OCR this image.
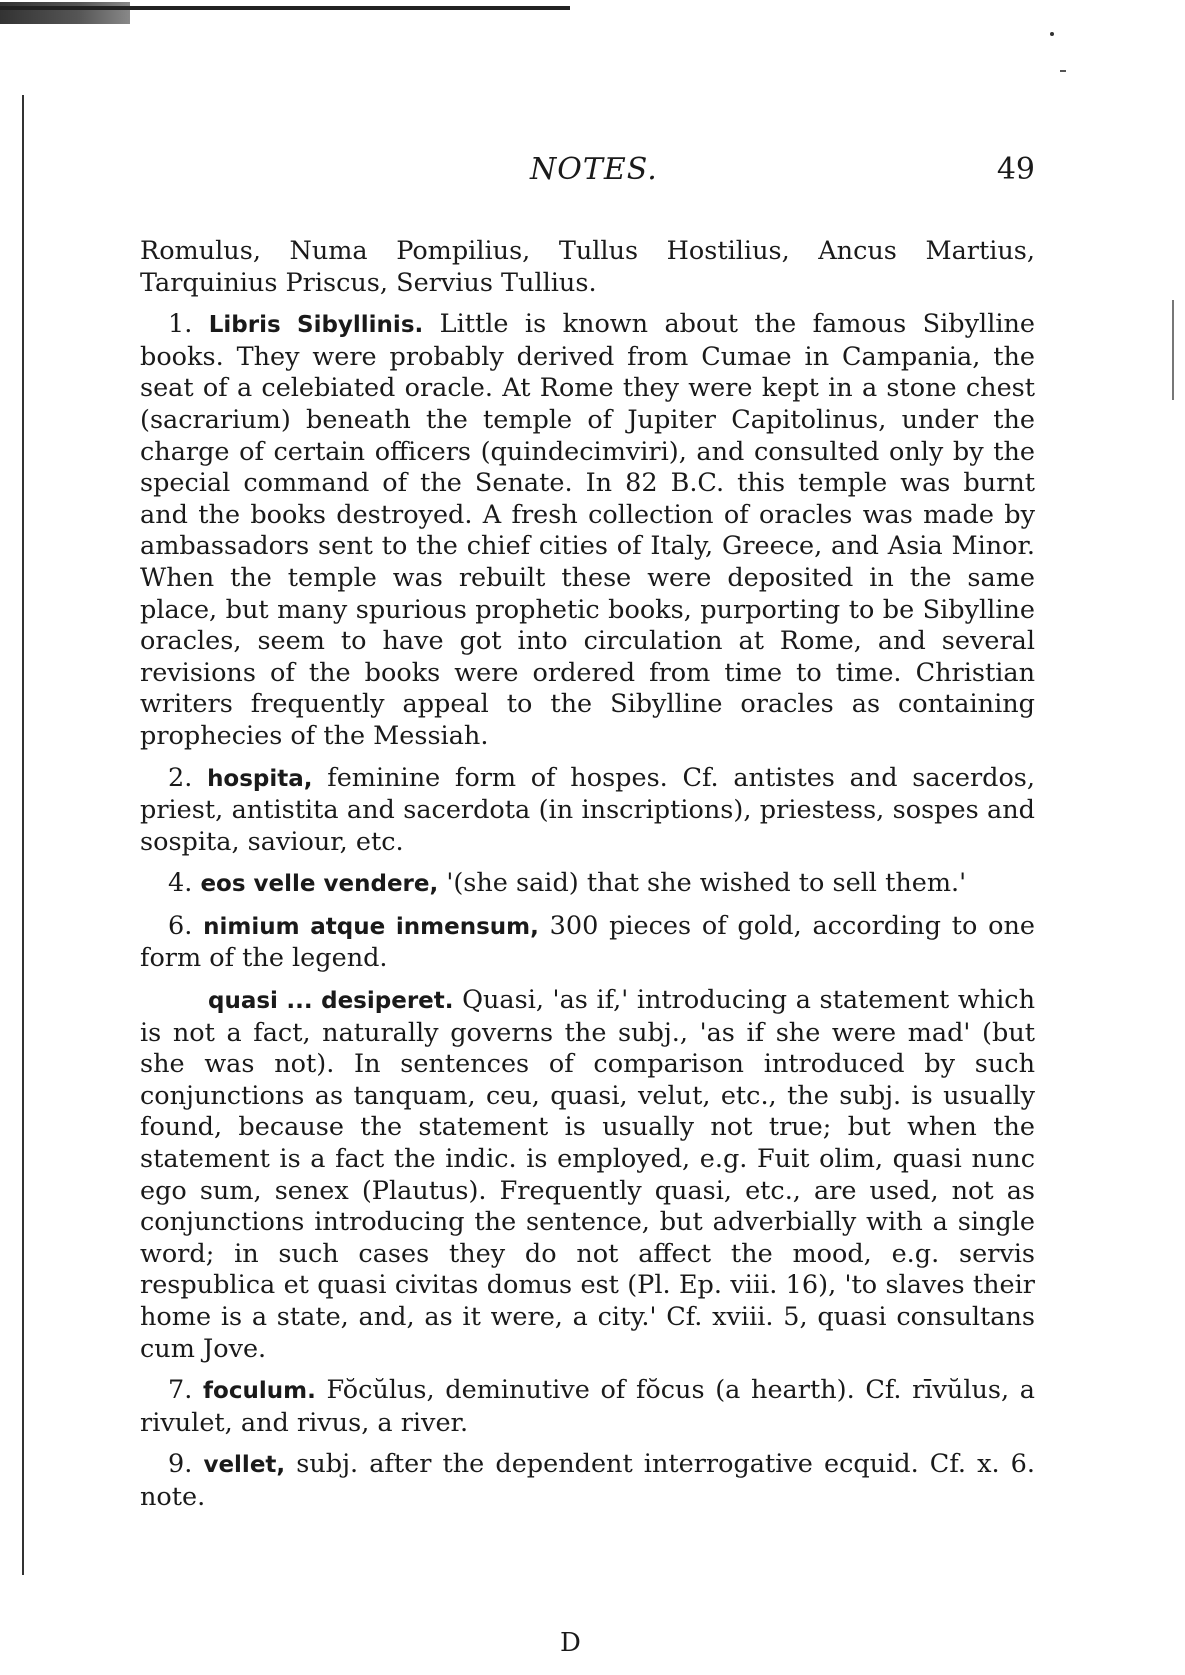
NOTES.	49

Romulus, Numa Pompilius, Tullus Hostilius, Ancus Martius, Tarquinius Priscus, Servius Tullius.

1. Libris Sibyllinis. Little is known about the famous Sibylline books. They were probably derived from Cumae in Campania, the seat of a celebiated oracle. At Rome they were kept in a stone chest (sacrarium) beneath the temple of Jupiter Capitolinus, under the charge of certain officers (quindecimviri), and consulted only by the special command of the Senate. In 82 B.C. this temple was burnt and the books destroyed. A fresh collection of oracles was made by ambassadors sent to the chief cities of Italy, Greece, and Asia Minor. When the temple was rebuilt these were deposited in the same place, but many spurious prophetic books, purporting to be Sibylline oracles, seem to have got into circulation at Rome, and several revisions of the books were ordered from time to time. Christian writers frequently appeal to the Sibylline oracles as containing prophecies of the Messiah.

2. hospita, feminine form of hospes. Cf. antistes and sacerdos, priest, antistita and sacerdota (in inscriptions), priestess, sospes and sospita, saviour, etc.

4. eos velle vendere, '(she said) that she wished to sell them.'

6. nimium atque inmensum, 300 pieces of gold, according to one form of the legend.

quasi ... desiperet. Quasi, 'as if,' introducing a statement which is not a fact, naturally governs the subj., 'as if she were mad' (but she was not). In sentences of comparison introduced by such conjunctions as tanquam, ceu, quasi, velut, etc., the subj. is usually found, because the statement is usually not true; but when the statement is a fact the indic. is employed, e.g. Fuit olim, quasi nunc ego sum, senex (Plautus). Frequently quasi, etc., are used, not as conjunctions introducing the sentence, but adverbially with a single word; in such cases they do not affect the mood, e.g. servis respublica et quasi civitas domus est (Pl. Ep. viii. 16), 'to slaves their home is a state, and, as it were, a city.' Cf. xviii. 5, quasi consultans cum Jove.

7. foculum. Fŏcŭlus, deminutive of fŏcus (a hearth). Cf. rīvŭlus, a rivulet, and rivus, a river.

9. vellet, subj. after the dependent interrogative ecquid. Cf. x. 6. note.

D
